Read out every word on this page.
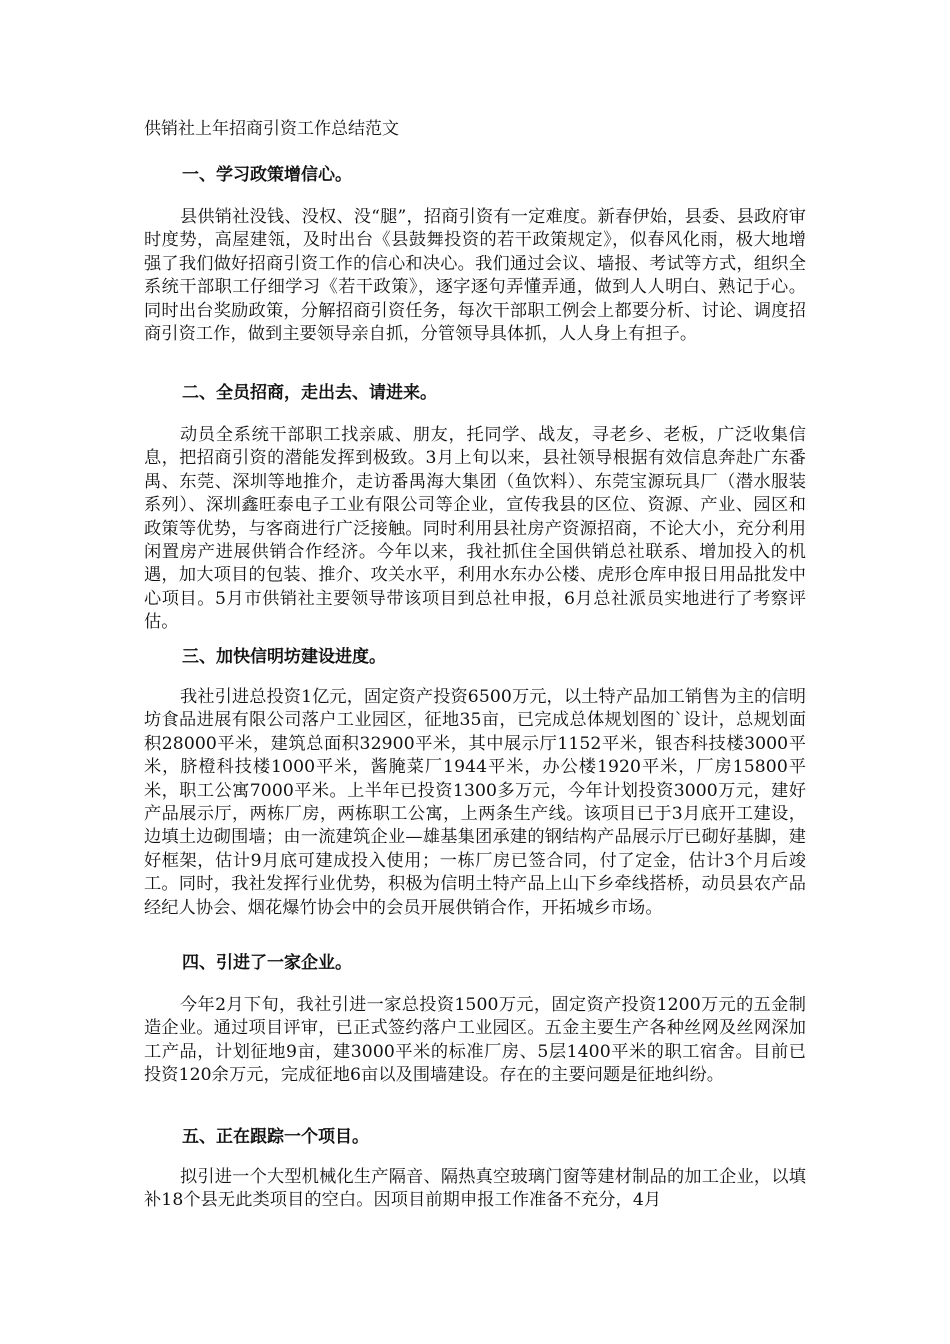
供销社上年招商引资工作总结范文
一、学习政策增信心。

县供销社没钱、没权、没“腿”，招商引资有一定难度。新春伊始，县委、县政府审时度势，高屋建瓴，及时出台《县鼓舞投资的若干政策规定》，似春风化雨，极大地增强了我们做好招商引资工作的信心和决心。我们通过会议、墙报、考试等方式，组织全系统干部职工仔细学习《若干政策》，逐字逐句弄懂弄通，做到人人明白、熟记于心。同时出台奖励政策，分解招商引资任务，每次干部职工例会上都要分析、讨论、调度招商引资工作，做到主要领导亲自抓，分管领导具体抓，人人身上有担子。

二、全员招商，走出去、请进来。

动员全系统干部职工找亲戚、朋友，托同学、战友，寻老乡、老板，广泛收集信息，把招商引资的潜能发挥到极致。3月上旬以来，县社领导根据有效信息奔赴广东番禺、东莞、深圳等地推介，走访番禺海大集团（鱼饮料）、东莞宝源玩具厂（潜水服装系列）、深圳鑫旺泰电子工业有限公司等企业，宣传我县的区位、资源、产业、园区和政策等优势，与客商进行广泛接触。同时利用县社房产资源招商，不论大小，充分利用闲置房产进展供销合作经济。今年以来，我社抓住全国供销总社联系、增加投入的机遇，加大项目的包装、推介、攻关水平，利用水东办公楼、虎形仓库申报日用品批发中心项目。5月市供销社主要领导带该项目到总社申报，6月总社派员实地进行了考察评估。

三、加快信明坊建设进度。

我社引进总投资1亿元，固定资产投资6500万元，以土特产品加工销售为主的信明坊食品进展有限公司落户工业园区，征地35亩，已完成总体规划图的`设计，总规划面积28000平米，建筑总面积32900平米，其中展示厅1152平米，银杏科技楼3000平米，脐橙科技楼1000平米，酱腌菜厂1944平米，办公楼1920平米，厂房15800平米，职工公寓7000平米。上半年已投资1300多万元，今年计划投资3000万元，建好产品展示厅，两栋厂房，两栋职工公寓，上两条生产线。该项目已于3月底开工建设，边填土边砌围墙；由一流建筑企业—雄基集团承建的钢结构产品展示厅已砌好基脚，建好框架，估计9月底可建成投入使用；一栋厂房已签合同，付了定金，估计3个月后竣工。同时，我社发挥行业优势，积极为信明土特产品上山下乡牵线搭桥，动员县农产品经纪人协会、烟花爆竹协会中的会员开展供销合作，开拓城乡市场。

四、引进了一家企业。

今年2月下旬，我社引进一家总投资1500万元，固定资产投资1200万元的五金制造企业。通过项目评审，已正式签约落户工业园区。五金主要生产各种丝网及丝网深加工产品，计划征地9亩，建3000平米的标准厂房、5层1400平米的职工宿舍。目前已投资120余万元，完成征地6亩以及围墙建设。存在的主要问题是征地纠纷。

五、正在跟踪一个项目。

拟引进一个大型机械化生产隔音、隔热真空玻璃门窗等建材制品的加工企业，以填补18个县无此类项目的空白。因项目前期申报工作准备不充分，4月
